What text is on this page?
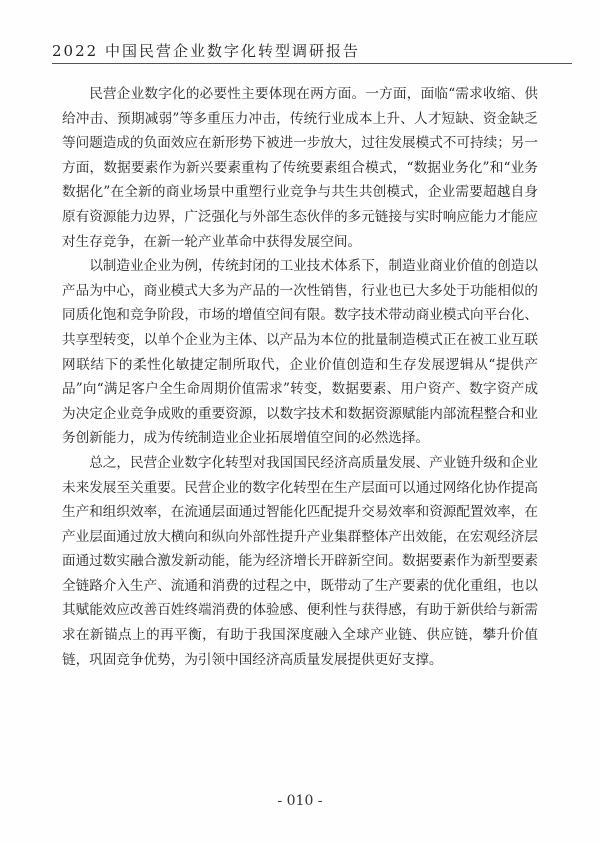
2022 中国民营企业数字化转型调研报告

民营企业数字化的必要性主要体现在两方面。一方面，面临“需求收缩、供给冲击、预期减弱”等多重压力冲击，传统行业成本上升、人才短缺、资金缺乏等问题造成的负面效应在新形势下被进一步放大，过往发展模式不可持续；另一方面，数据要素作为新兴要素重构了传统要素组合模式，“数据业务化”和“业务数据化”在全新的商业场景中重塑行业竞争与共生共创模式，企业需要超越自身原有资源能力边界，广泛强化与外部生态伙伴的多元链接与实时响应能力才能应对生存竞争，在新一轮产业革命中获得发展空间。

以制造业企业为例，传统封闭的工业技术体系下，制造业商业价值的创造以产品为中心，商业模式大多为产品的一次性销售，行业也已大多处于功能相似的同质化饱和竞争阶段，市场的增值空间有限。数字技术带动商业模式向平台化、共享型转变，以单个企业为主体、以产品为本位的批量制造模式正在被工业互联网联结下的柔性化敏捷定制所取代，企业价值创造和生存发展逻辑从“提供产品”向“满足客户全生命周期价值需求”转变，数据要素、用户资产、数字资产成为决定企业竞争成败的重要资源，以数字技术和数据资源赋能内部流程整合和业务创新能力，成为传统制造业企业拓展增值空间的必然选择。

总之，民营企业数字化转型对我国国民经济高质量发展、产业链升级和企业未来发展至关重要。民营企业的数字化转型在生产层面可以通过网络化协作提高生产和组织效率，在流通层面通过智能化匹配提升交易效率和资源配置效率，在产业层面通过放大横向和纵向外部性提升产业集群整体产出效能，在宏观经济层面通过数实融合激发新动能，能为经济增长开辟新空间。数据要素作为新型要素全链路介入生产、流通和消费的过程之中，既带动了生产要素的优化重组，也以其赋能效应改善百姓终端消费的体验感、便利性与获得感，有助于新供给与新需求在新锚点上的再平衡，有助于我国深度融入全球产业链、供应链，攀升价值链，巩固竞争优势，为引领中国经济高质量发展提供更好支撑。

- 010 -
